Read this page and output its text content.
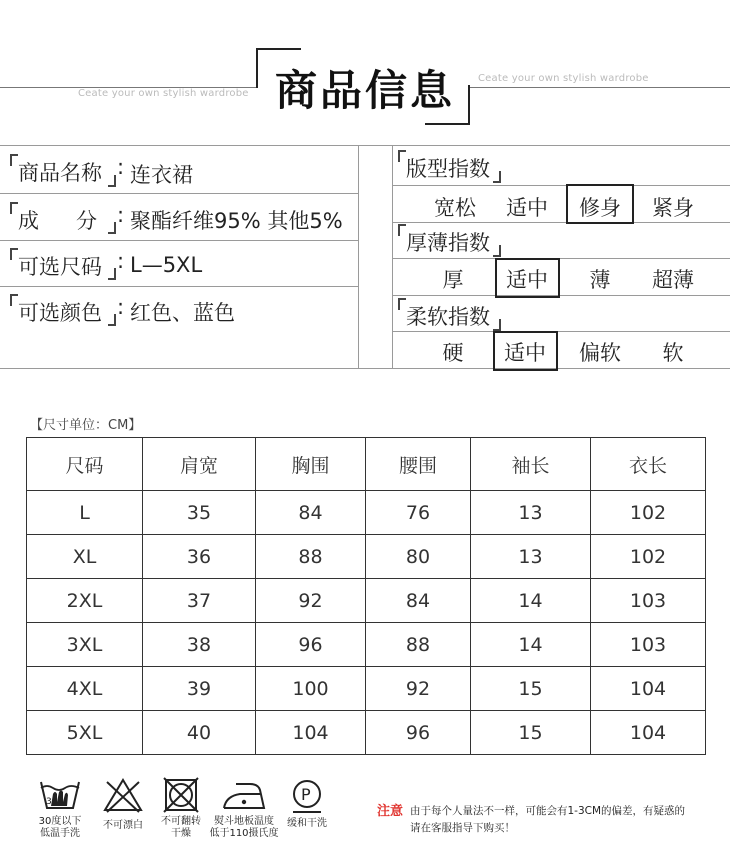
商品信息
Ceate your own stylish wardrobe
Ceate your own stylish wardrobe
商品名称 : 连衣裙
成 分 : 聚酯纤维95% 其他5%
可选尺码 : L—5XL
可选颜色 : 红色、蓝色
版型指数
宽松	适中	修身	紧身
厚薄指数
厚	适中	薄	超薄
柔软指数
硬	适中	偏软	软
【尺寸单位：CM】
尺码	肩宽	胸围	腰围	袖长	衣长
L	35	84	76	13	102
XL	36	88	80	13	102
2XL	37	92	84	14	103
3XL	38	96	88	14	103
4XL	39	100	92	15	104
5XL	40	104	96	15	104
30
30度以下
低温手洗
不可漂白	不可翻转
干燥
熨斗地板温度
低于110摄氏度
P
缓和干洗
注意 由于每个人量法不一样，可能会有1-3CM的偏差，有疑惑的
请在客服指导下购买！
